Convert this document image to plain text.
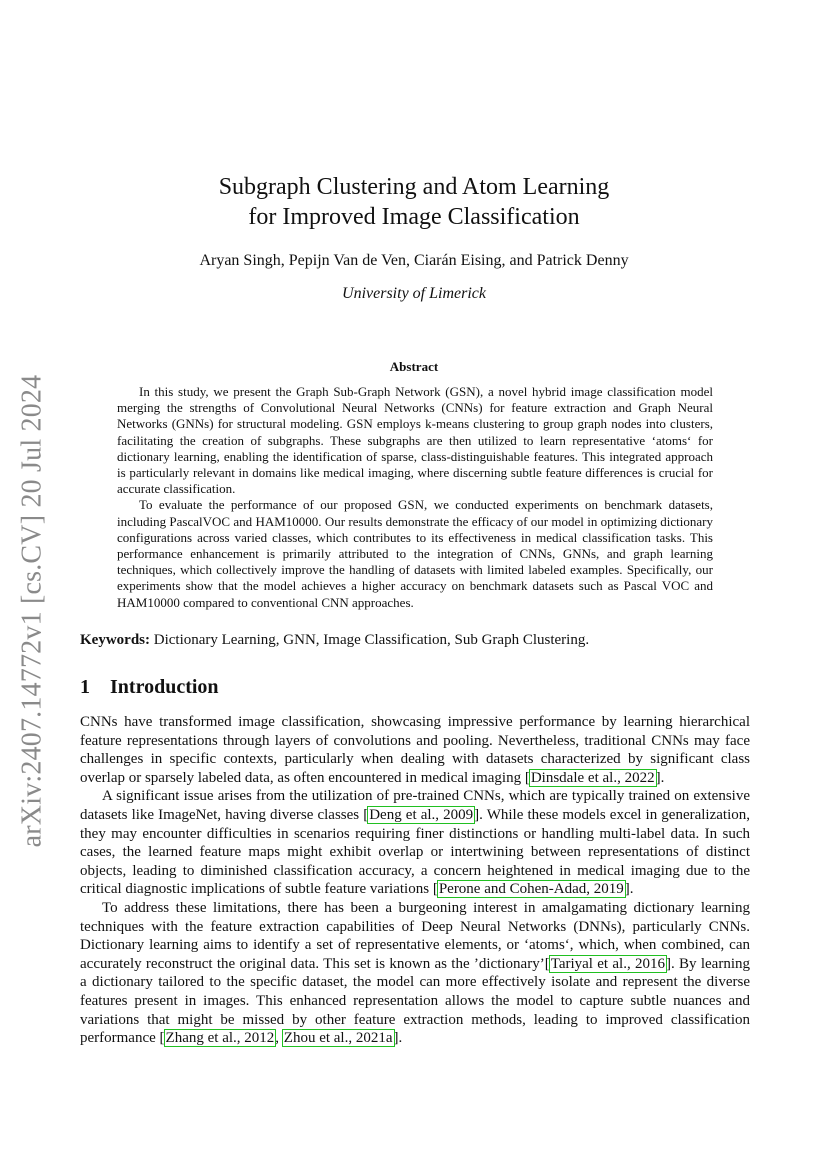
arXiv:2407.14772v1 [cs.CV] 20 Jul 2024
Subgraph Clustering and Atom Learning
for Improved Image Classification
Aryan Singh, Pepijn Van de Ven, Ciarán Eising, and Patrick Denny
University of Limerick
Abstract

In this study, we present the Graph Sub-Graph Network (GSN), a novel hybrid image classification model merging the strengths of Convolutional Neural Networks (CNNs) for feature extraction and Graph Neural Networks (GNNs) for structural modeling. GSN employs k-means clustering to group graph nodes into clusters, facilitating the creation of subgraphs. These subgraphs are then utilized to learn representative ‘atoms‘ for dictionary learning, enabling the identification of sparse, class-distinguishable features. This integrated approach is particularly relevant in domains like medical imaging, where discerning subtle feature differences is crucial for accurate classification.

To evaluate the performance of our proposed GSN, we conducted experiments on benchmark datasets, including PascalVOC and HAM10000. Our results demonstrate the efficacy of our model in optimizing dictionary configurations across varied classes, which contributes to its effectiveness in medical classification tasks. This performance enhancement is primarily attributed to the integration of CNNs, GNNs, and graph learning techniques, which collectively improve the handling of datasets with limited labeled examples. Specifically, our experiments show that the model achieves a higher accuracy on benchmark datasets such as Pascal VOC and HAM10000 compared to conventional CNN approaches.

Keywords: Dictionary Learning, GNN, Image Classification, Sub Graph Clustering.
1 Introduction

CNNs have transformed image classification, showcasing impressive performance by learning hierarchical feature representations through layers of convolutions and pooling. Nevertheless, traditional CNNs may face challenges in specific contexts, particularly when dealing with datasets characterized by significant class overlap or sparsely labeled data, as often encountered in medical imaging [Dinsdale et al., 2022].

A significant issue arises from the utilization of pre-trained CNNs, which are typically trained on extensive datasets like ImageNet, having diverse classes [Deng et al., 2009]. While these models excel in generalization, they may encounter difficulties in scenarios requiring finer distinctions or handling multi-label data. In such cases, the learned feature maps might exhibit overlap or intertwining between representations of distinct objects, leading to diminished classification accuracy, a concern heightened in medical imaging due to the critical diagnostic implications of subtle feature variations [Perone and Cohen-Adad, 2019].

To address these limitations, there has been a burgeoning interest in amalgamating dictionary learning techniques with the feature extraction capabilities of Deep Neural Networks (DNNs), particularly CNNs. Dictionary learning aims to identify a set of representative elements, or ‘atoms‘, which, when combined, can accurately reconstruct the original data. This set is known as the ’dictionary’[Tariyal et al., 2016]. By learning a dictionary tailored to the specific dataset, the model can more effectively isolate and represent the diverse features present in images. This enhanced representation allows the model to capture subtle nuances and variations that might be missed by other feature extraction methods, leading to improved classification performance [Zhang et al., 2012, Zhou et al., 2021a].
